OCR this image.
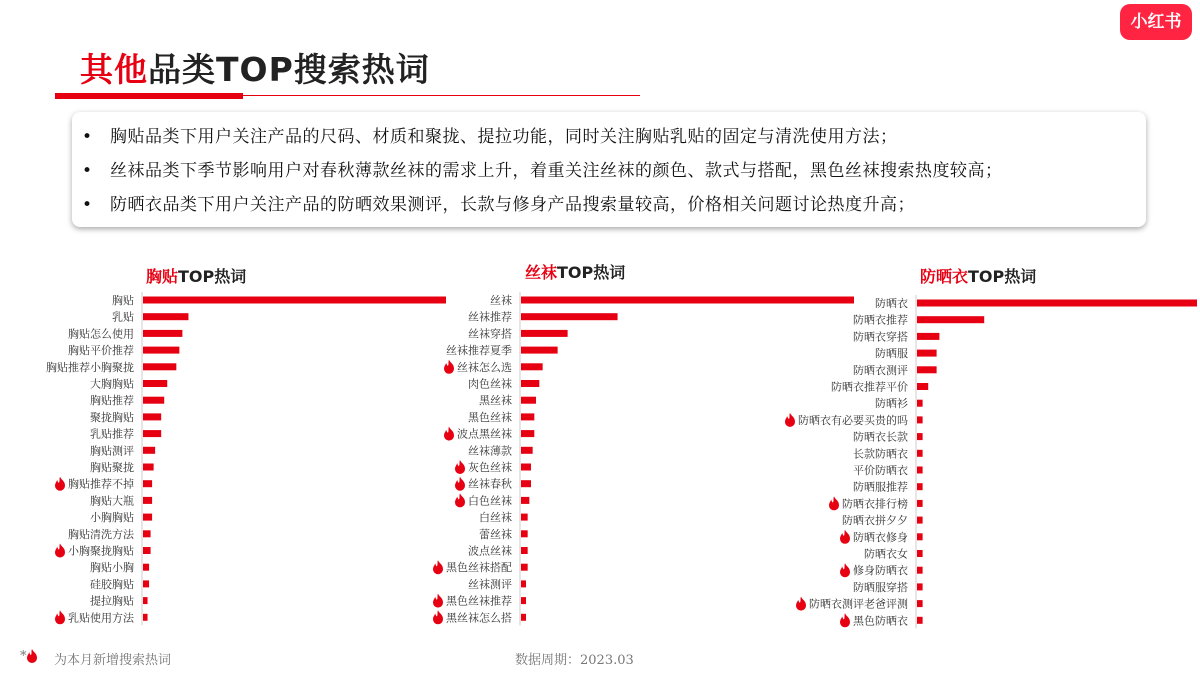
小红书
其他品类TOP搜索热词
• 胸贴品类下用户关注产品的尺码、材质和聚拢、提拉功能，同时关注胸贴乳贴的固定与清洗使用方法；
• 丝袜品类下季节影响用户对春秋薄款丝袜的需求上升，着重关注丝袜的颜色、款式与搭配，黑色丝袜搜索热度较高；
• 防晒衣品类下用户关注产品的防晒效果测评，长款与修身产品搜索量较高，价格相关问题讨论热度升高；
胸贴TOP热词
胸贴
乳贴
胸贴怎么使用
胸贴平价推荐
胸贴推荐小胸聚拢
大胸胸贴
胸贴推荐
聚拢胸贴
乳贴推荐
胸贴测评
胸贴聚拢
胸贴推荐不掉
胸贴大瓶
小胸胸贴
胸贴清洗方法
小胸聚拢胸贴
胸贴小胸
硅胶胸贴
提拉胸贴
乳贴使用方法
丝袜TOP热词
丝袜
丝袜推荐
丝袜穿搭
丝袜推荐夏季
丝袜怎么选
肉色丝袜
黑丝袜
黑色丝袜
波点黑丝袜
丝袜薄款
灰色丝袜
丝袜春秋
白色丝袜
白丝袜
蕾丝袜
波点丝袜
黑色丝袜搭配
丝袜测评
黑色丝袜推荐
黑丝袜怎么搭
防晒衣TOP热词
防晒衣
防晒衣推荐
防晒衣穿搭
防晒服
防晒衣测评
防晒衣推荐平价
防晒衫
防晒衣有必要买贵的吗
防晒衣长款
长款防晒衣
平价防晒衣
防晒服推荐
防晒衣排行榜
防晒衣拼夕夕
防晒衣修身
防晒衣女
修身防晒衣
防晒服穿搭
防晒衣测评老爸评测
黑色防晒衣
* 为本月新增搜索热词	数据周期：2023.03
